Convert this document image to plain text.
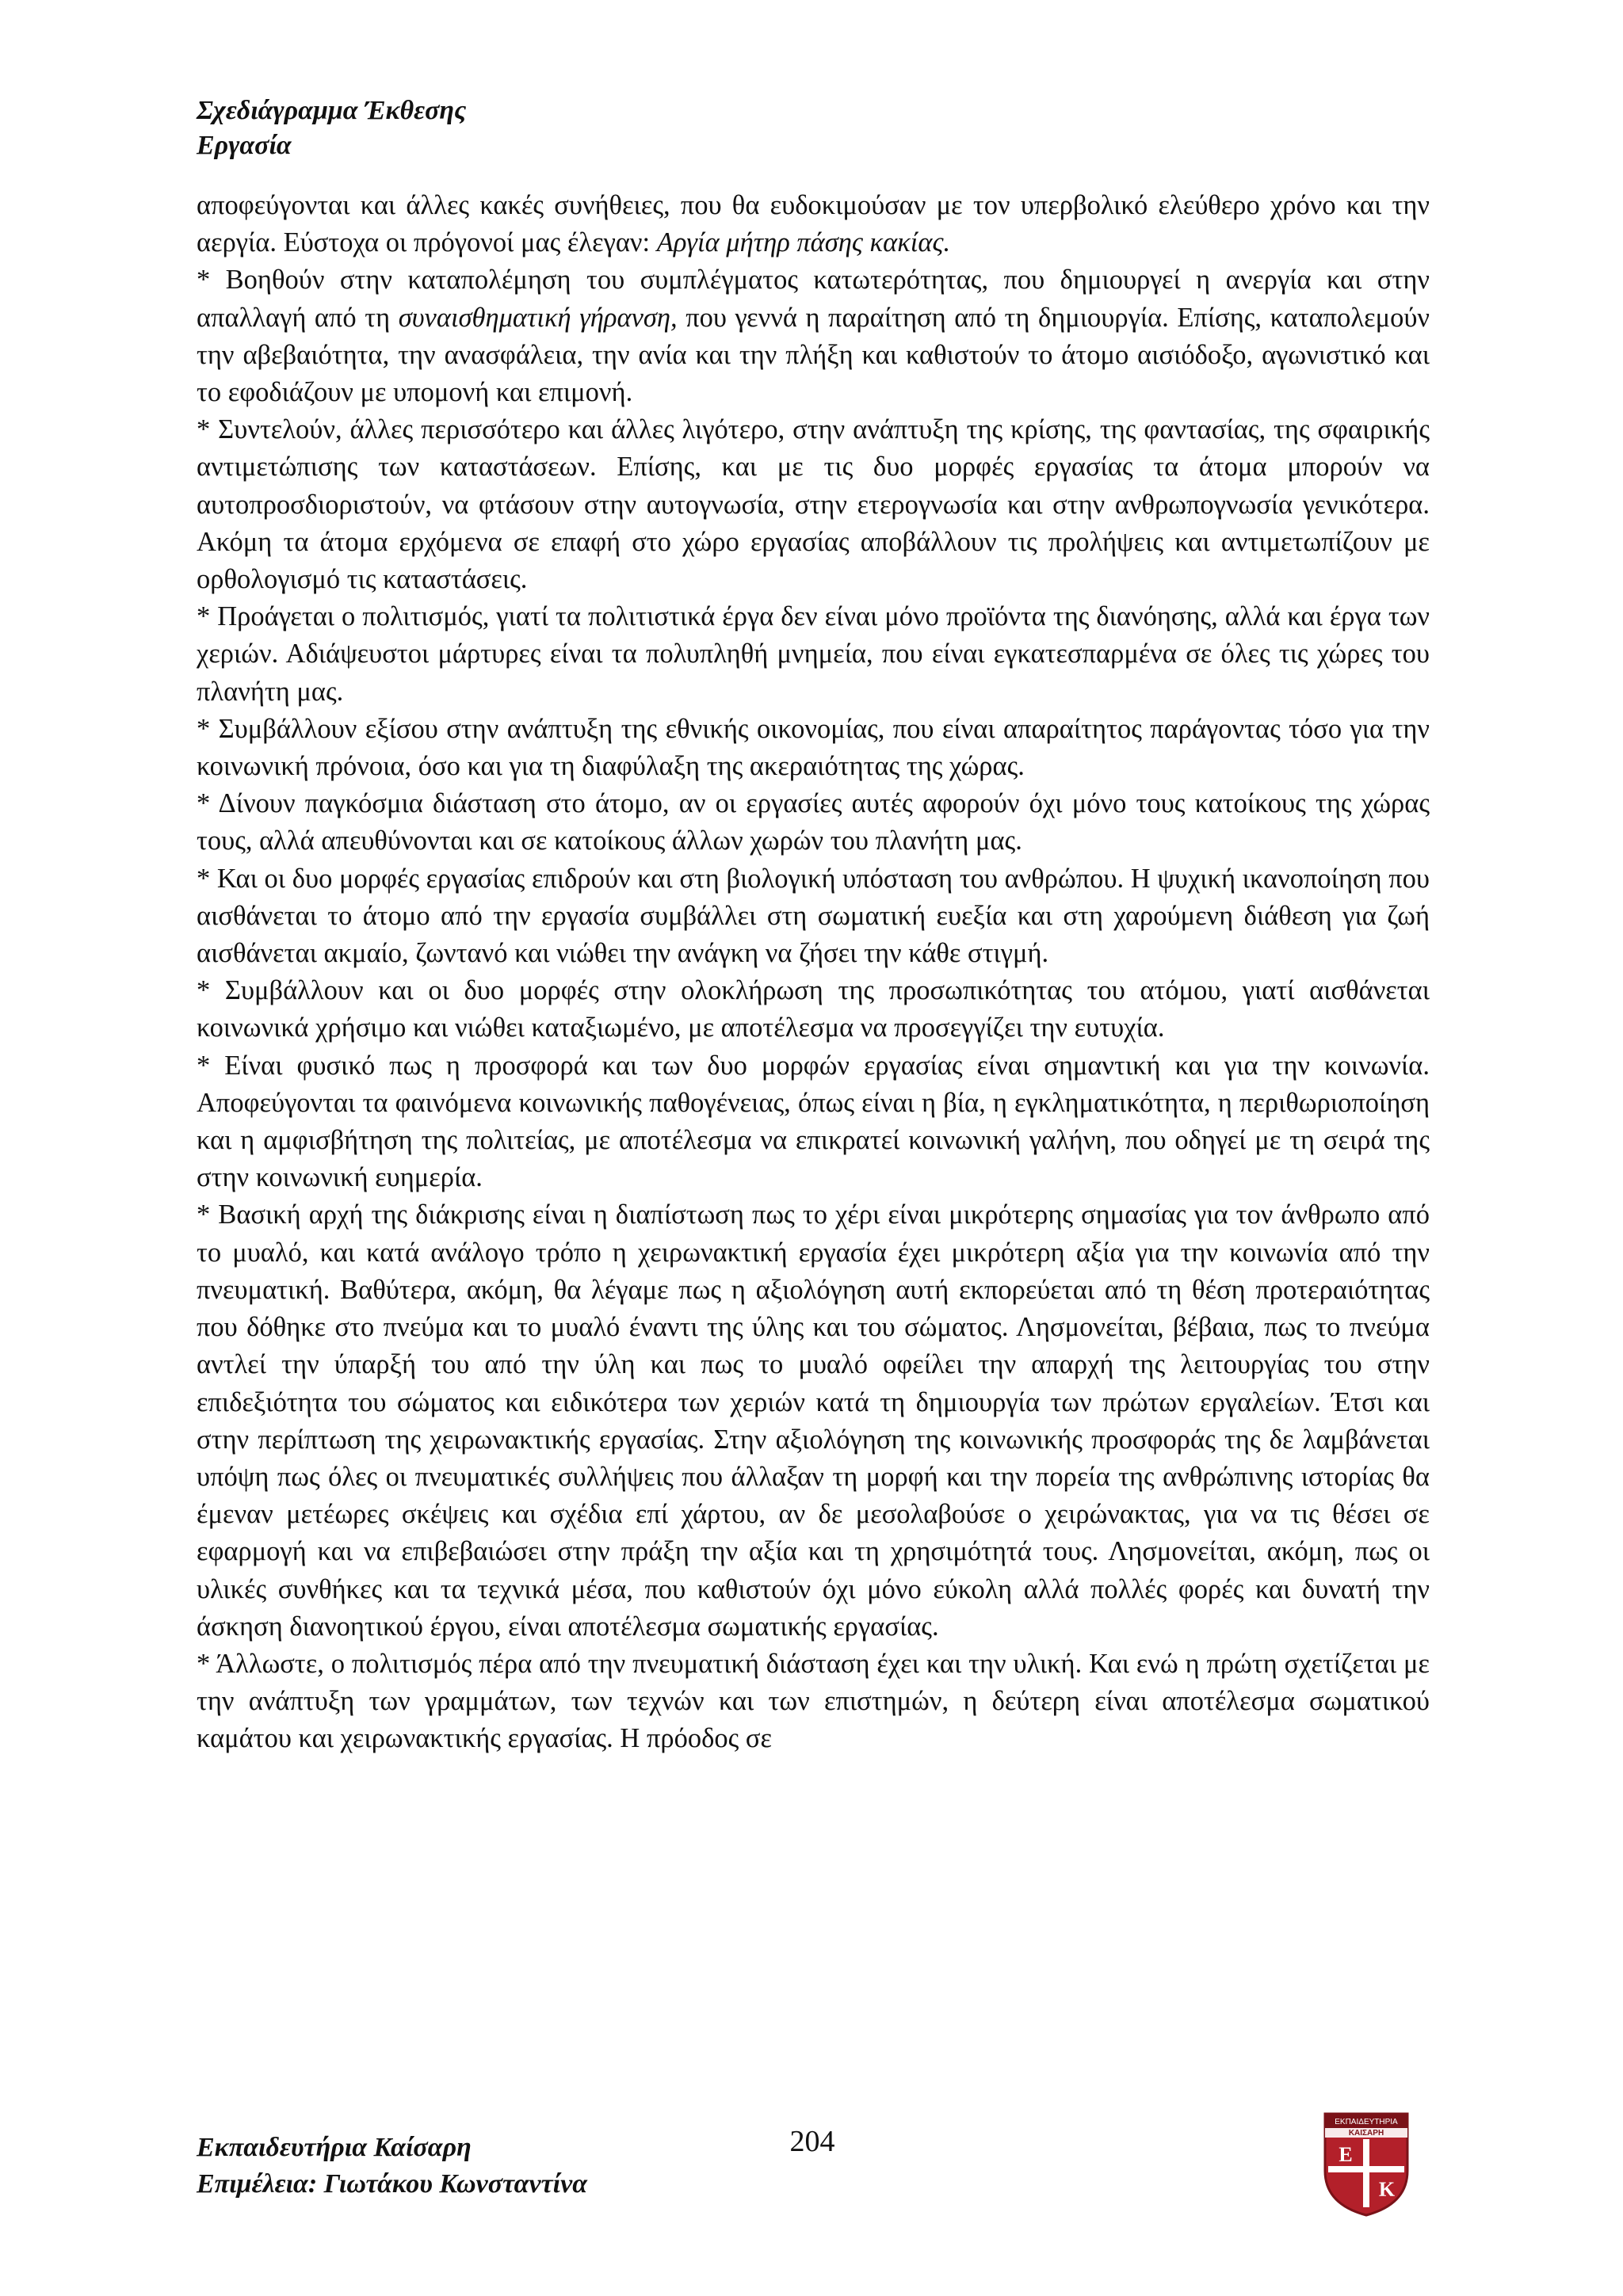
Σχεδιάγραμμα Έκθεσης
Εργασία

αποφεύγονται και άλλες κακές συνήθειες, που θα ευδοκιμούσαν με τον υπερβολικό ελεύθερο χρόνο και την αεργία. Εύστοχα οι πρόγονοί μας έλεγαν: Αργία μήτηρ πάσης κακίας.

* Βοηθούν στην καταπολέμηση του συμπλέγματος κατωτερότητας, που δημιουργεί η ανεργία και στην απαλλαγή από τη συναισθηματική γήρανση, που γεννά η παραίτηση από τη δημιουργία. Επίσης, καταπολεμούν την αβεβαιότητα, την ανασφάλεια, την ανία και την πλήξη και καθιστούν το άτομο αισιόδοξο, αγωνιστικό και το εφοδιάζουν με υπομονή και επιμονή.

* Συντελούν, άλλες περισσότερο και άλλες λιγότερο, στην ανάπτυξη της κρίσης, της φαντασίας, της σφαιρικής αντιμετώπισης των καταστάσεων. Επίσης, και με τις δυο μορφές εργασίας τα άτομα μπορούν να αυτοπροσδιοριστούν, να φτάσουν στην αυτογνωσία, στην ετερογνωσία και στην ανθρωπογνωσία γενικότερα. Ακόμη τα άτομα ερχόμενα σε επαφή στο χώρο εργασίας αποβάλλουν τις προλήψεις και αντιμετωπίζουν με ορθολογισμό τις καταστάσεις.

* Προάγεται ο πολιτισμός, γιατί τα πολιτιστικά έργα δεν είναι μόνο προϊόντα της διανόησης, αλλά και έργα των χεριών. Αδιάψευστοι μάρτυρες είναι τα πολυπληθή μνημεία, που είναι εγκατεσπαρμένα σε όλες τις χώρες του πλανήτη μας.

* Συμβάλλουν εξίσου στην ανάπτυξη της εθνικής οικονομίας, που είναι απαραίτητος παράγοντας τόσο για την κοινωνική πρόνοια, όσο και για τη διαφύλαξη της ακεραιότητας της χώρας.

* Δίνουν παγκόσμια διάσταση στο άτομο, αν οι εργασίες αυτές αφορούν όχι μόνο τους κατοίκους της χώρας τους, αλλά απευθύνονται και σε κατοίκους άλλων χωρών του πλανήτη μας.

* Και οι δυο μορφές εργασίας επιδρούν και στη βιολογική υπόσταση του ανθρώπου. Η ψυχική ικανοποίηση που αισθάνεται το άτομο από την εργασία συμβάλλει στη σωματική ευεξία και στη χαρούμενη διάθεση για ζωή αισθάνεται ακμαίο, ζωντανό και νιώθει την ανάγκη να ζήσει την κάθε στιγμή.

* Συμβάλλουν και οι δυο μορφές στην ολοκλήρωση της προσωπικότητας του ατόμου, γιατί αισθάνεται κοινωνικά χρήσιμο και νιώθει καταξιωμένο, με αποτέλεσμα να προσεγγίζει την ευτυχία.

* Είναι φυσικό πως η προσφορά και των δυο μορφών εργασίας είναι σημαντική και για την κοινωνία. Αποφεύγονται τα φαινόμενα κοινωνικής παθογένειας, όπως είναι η βία, η εγκληματικότητα, η περιθωριοποίηση και η αμφισβήτηση της πολιτείας, με αποτέλεσμα να επικρατεί κοινωνική γαλήνη, που οδηγεί με τη σειρά της στην κοινωνική ευημερία.

* Βασική αρχή της διάκρισης είναι η διαπίστωση πως το χέρι είναι μικρότερης σημασίας για τον άνθρωπο από το μυαλό, και κατά ανάλογο τρόπο η χειρωνακτική εργασία έχει μικρότερη αξία για την κοινωνία από την πνευματική. Βαθύτερα, ακόμη, θα λέγαμε πως η αξιολόγηση αυτή εκπορεύεται από τη θέση προτεραιότητας που δόθηκε στο πνεύμα και το μυαλό έναντι της ύλης και του σώματος. Λησμονείται, βέβαια, πως το πνεύμα αντλεί την ύπαρξή του από την ύλη και πως το μυαλό οφείλει την απαρχή της λειτουργίας του στην επιδεξιότητα του σώματος και ειδικότερα των χεριών κατά τη δημιουργία των πρώτων εργαλείων. Έτσι και στην περίπτωση της χειρωνακτικής εργασίας. Στην αξιολόγηση της κοινωνικής προσφοράς της δε λαμβάνεται υπόψη πως όλες οι πνευματικές συλλήψεις που άλλαξαν τη μορφή και την πορεία της ανθρώπινης ιστορίας θα έμεναν μετέωρες σκέψεις και σχέδια επί χάρτου, αν δε μεσολαβούσε ο χειρώνακτας, για να τις θέσει σε εφαρμογή και να επιβεβαιώσει στην πράξη την αξία και τη χρησιμότητά τους. Λησμονείται, ακόμη, πως οι υλικές συνθήκες και τα τεχνικά μέσα, που καθιστούν όχι μόνο εύκολη αλλά πολλές φορές και δυνατή την άσκηση διανοητικού έργου, είναι αποτέλεσμα σωματικής εργασίας.

* Άλλωστε, ο πολιτισμός πέρα από την πνευματική διάσταση έχει και την υλική. Και ενώ η πρώτη σχετίζεται με την ανάπτυξη των γραμμάτων, των τεχνών και των επιστημών, η δεύτερη είναι αποτέλεσμα σωματικού καμάτου και χειρωνακτικής εργασίας. Η πρόοδος σε

Εκπαιδευτήρια Καίσαρη
Επιμέλεια: Γιωτάκου Κωνσταντίνα
204
ΕΚΠΑΙΔΕΥΤΗΡΙΑ
ΚΑΙΣΑΡΗ
Ε
Κ
